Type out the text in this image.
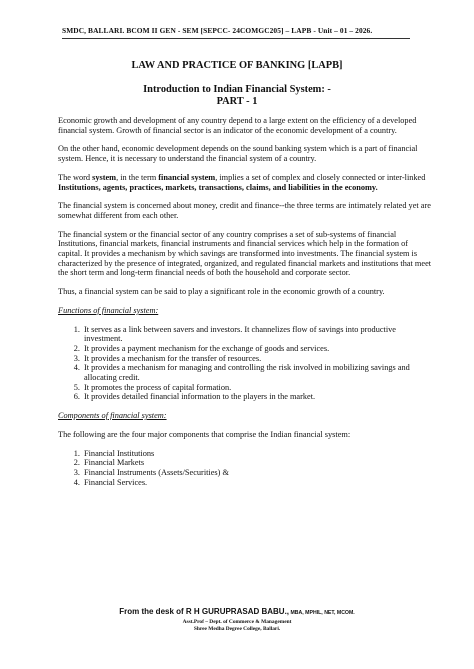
SMDC, BALLARI. BCOM II GEN - SEM [SEPCC- 24COMGC205] – LAPB - Unit – 01 – 2026.
LAW AND PRACTICE OF BANKING [LAPB]
Introduction to Indian Financial System: -
PART - 1

Economic growth and development of any country depend to a large extent on the efficiency of a developed financial system. Growth of financial sector is an indicator of the economic development of a country.

On the other hand, economic development depends on the sound banking system which is a part of financial system. Hence, it is necessary to understand the financial system of a country.

The word system, in the term financial system, implies a set of complex and closely connected or inter-linked Institutions, agents, practices, markets, transactions, claims, and liabilities in the economy.

The financial system is concerned about money, credit and finance--the three terms are intimately related yet are somewhat different from each other.

The financial system or the financial sector of any country comprises a set of sub-systems of financial Institutions, financial markets, financial instruments and financial services which help in the formation of capital. It provides a mechanism by which savings are transformed into investments. The financial system is characterized by the presence of integrated, organized, and regulated financial markets and institutions that meet the short term and long-term financial needs of both the household and corporate sector.

Thus, a financial system can be said to play a significant role in the economic growth of a country.

Functions of financial system:
1. It serves as a link between savers and investors. It channelizes flow of savings into productive investment.
2. It provides a payment mechanism for the exchange of goods and services.
3. It provides a mechanism for the transfer of resources.
4. It provides a mechanism for managing and controlling the risk involved in mobilizing savings and allocating credit.
5. It promotes the process of capital formation.
6. It provides detailed financial information to the players in the market.
Components of financial system:

The following are the four major components that comprise the Indian financial system:

1. Financial Institutions
2. Financial Markets
3. Financial Instruments (Assets/Securities) &
4. Financial Services.
From the desk of R H GURUPRASAD BABU., MBA, MPHIL, NET, MCOM.
Asst.Prof – Dept. of Commerce & Management
Shree Medha Degree College, Ballari.
